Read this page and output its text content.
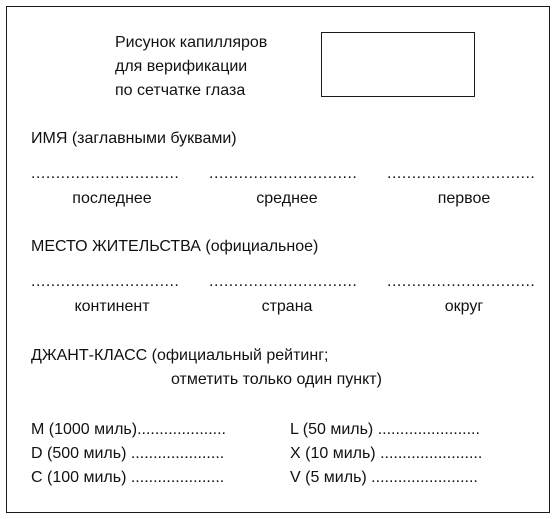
Рисунок капилляров
для верификации
по сетчатке глаза
ИМЯ (заглавными буквами)
.............................. .............................. ..............................
последнее	среднее	первое
МЕСТО ЖИТЕЛЬСТВА (официальное)
.............................. .............................. ..............................
континент	страна	округ
ДЖАНТ-КЛАСС (официальный рейтинг;
отметить только один пункт)
M (1000 миль)....................
D (500 миль) .....................
C (100 миль) .....................
L (50 миль) .......................
X (10 миль) .......................
V (5 миль) ........................
